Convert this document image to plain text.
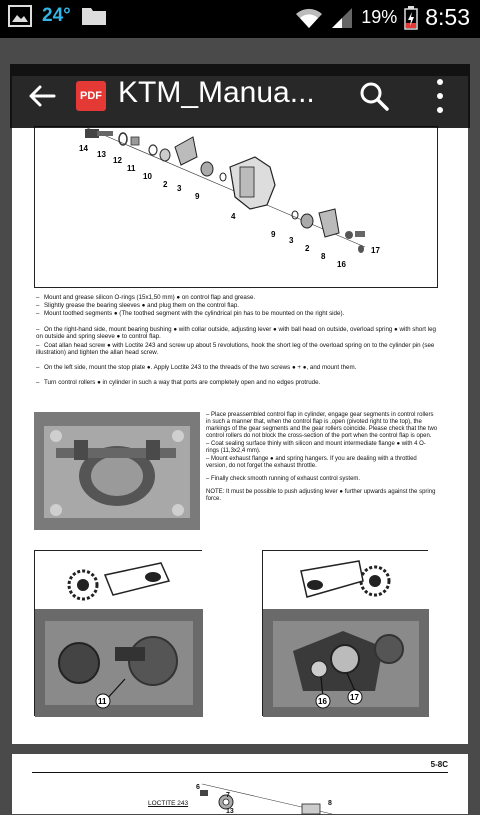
24°	19% 8:53
14
13
12
11
10
2 3
9
4
9
3
2
8
17
16
– Mount and grease silicon O-rings (15x1,50 mm) ● on control flap and grease.
– Slightly grease the bearing sleeves ● and plug them on the control flap.
– Mount toothed segments ● (The toothed segment with the cylindrical pin has to be mounted on the right side).
– On the right-hand side, mount bearing bushing ● with collar outside, adjusting lever ● with ball head on outside, overload spring ● with short leg on outside and spring sleeve ● to control flap.
– Coat allan head screw ● with Loctite 243 and screw up about 5 revolutions, hook the short leg of the overload spring on to the cylinder pin (see illustration) and tighten the allan head screw.
– On the left side, mount the stop plate ●. Apply Loctite 243 to the threads of the two screws ● + ●, and mount them.
– Turn control rollers ● in cylinder in such a way that ports are completely open and no edges protrude.
– Place preassembled control flap in cylinder, engage gear segments in control rollers in such a manner that, when the control flap is ,open (pivoted right to the top), the markings of the gear segments and the gear rollers coincide. Please check that the two control rollers do not block the cross-section of the port when the control flap is open.
– Coat sealing surface thinly with silicon and mount intermediate flange ● with 4 O-rings (11,3x2,4 mm).
– Mount exhaust flange ● and spring hangers. If you are dealing with a throttled version, do not forget the exhaust throttle.
– Finally check smooth running of exhaust control system.
NOTE: It must be possible to push adjusting lever ● further upwards against the spring force.
11	16	17
5-8C
LOCTITE 243
6
7
13
8
PDF KTM_Manua...
